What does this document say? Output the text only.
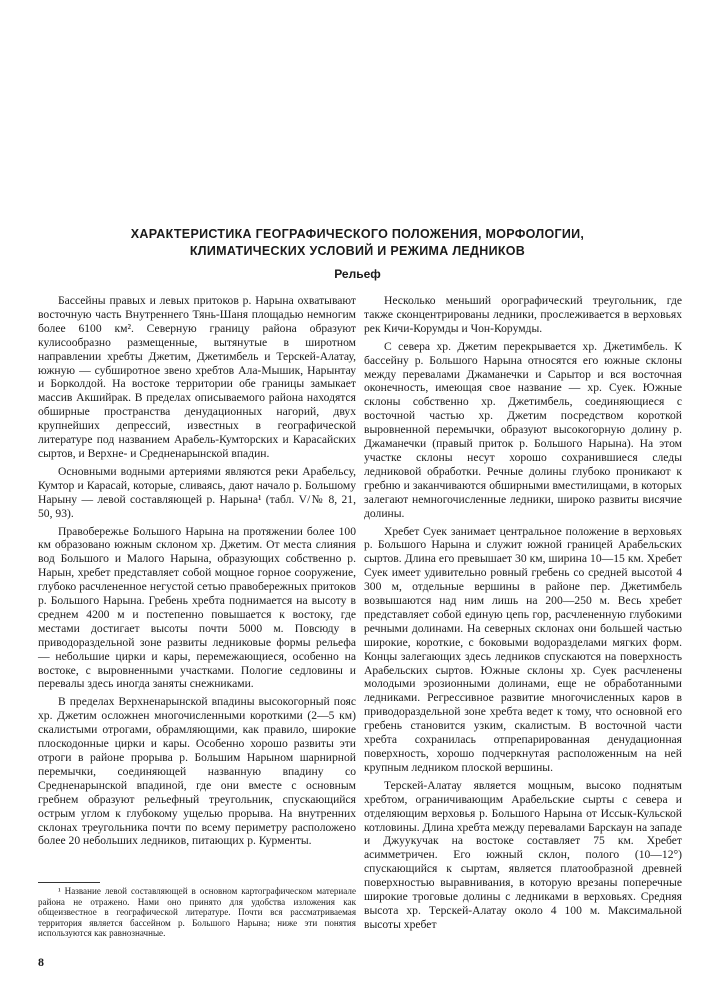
ХАРАКТЕРИСТИКА ГЕОГРАФИЧЕСКОГО ПОЛОЖЕНИЯ, МОРФОЛОГИИ,
КЛИМАТИЧЕСКИХ УСЛОВИЙ И РЕЖИМА ЛЕДНИКОВ
Рельеф

Бассейны правых и левых притоков р. Нарына охватывают восточную часть Внутреннего Тянь-Шаня площадью немногим более 6100 км². Северную границу района образуют кулисообразно размещенные, вытянутые в широтном направлении хребты Джетим, Джетимбель и Терскей-Алатау, южную — субширотное звено хребтов Ала-Мышик, Нарынтау и Борколдой. На востоке территории обе границы замыкает массив Акшийрак. В пределах описываемого района находятся обширные пространства денудационных нагорий, двух крупнейших депрессий, известных в географической литературе под названием Арабель-Кумторских и Карасайских сыртов, и Верхне- и Средненарынской впадин.

Основными водными артериями являются реки Арабельсу, Кумтор и Карасай, которые, сливаясь, дают начало р. Большому Нарыну — левой составляющей р. Нарына¹ (табл. V/№ 8, 21, 50, 93).

Правобережье Большого Нарына на протяжении более 100 км образовано южным склоном хр. Джетим. От места слияния вод Большого и Малого Нарына, образующих собственно р. Нарын, хребет представляет собой мощное горное сооружение, глубоко расчлененное негустой сетью правобережных притоков р. Большого Нарына. Гребень хребта поднимается на высоту в среднем 4200 м и постепенно повышается к востоку, где местами достигает высоты почти 5000 м. Повсюду в приводораздельной зоне развиты ледниковые формы рельефа — небольшие цирки и кары, перемежающиеся, особенно на востоке, с выровненными участками. Пологие седловины и перевалы здесь иногда заняты снежниками.

В пределах Верхненарынской впадины высокогорный пояс хр. Джетим осложнен многочисленными короткими (2—5 км) скалистыми отрогами, обрамляющими, как правило, широкие плоскодонные цирки и кары. Особенно хорошо развиты эти отроги в районе прорыва р. Большим Нарыном шарнирной перемычки, соединяющей названную впадину со Средненарынской впадиной, где они вместе с основным гребнем образуют рельефный треугольник, спускающийся острым углом к глубокому ущелью прорыва. На внутренних склонах треугольника почти по всему периметру расположено более 20 небольших ледников, питающих р. Курменты.

Несколько меньший орографический треугольник, где также сконцентрированы ледники, прослеживается в верховьях рек Кичи-Корумды и Чон-Корумды.

С севера хр. Джетим перекрывается хр. Джетимбель. К бассейну р. Большого Нарына относятся его южные склоны между перевалами Джаманечки и Сарытор и вся восточная оконечность, имеющая свое название — хр. Суек. Южные склоны собственно хр. Джетимбель, соединяющиеся с восточной частью хр. Джетим посредством короткой выровненной перемычки, образуют высокогорную долину р. Джаманечки (правый приток р. Большого Нарына). На этом участке склоны несут хорошо сохранившиеся следы ледниковой обработки. Речные долины глубоко проникают к гребню и заканчиваются обширными вместилищами, в которых залегают немногочисленные ледники, широко развиты висячие долины.

Хребет Суек занимает центральное положение в верховьях р. Большого Нарына и служит южной границей Арабельских сыртов. Длина его превышает 30 км, ширина 10—15 км. Хребет Суек имеет удивительно ровный гребень со средней высотой 4 300 м, отдельные вершины в районе пер. Джетимбель возвышаются над ним лишь на 200—250 м. Весь хребет представляет собой единую цепь гор, расчлененную глубокими речными долинами. На северных склонах они большей частью широкие, короткие, с боковыми водоразделами мягких форм. Концы залегающих здесь ледников спускаются на поверхность Арабельских сыртов. Южные склоны хр. Суек расчленены молодыми эрозионными долинами, еще не обработанными ледниками. Регрессивное развитие многочисленных каров в приводораздельной зоне хребта ведет к тому, что основной его гребень становится узким, скалистым. В восточной части хребта сохранилась отпрепарированная денудационная поверхность, хорошо подчеркнутая расположенным на ней крупным ледником плоской вершины.

Терскей-Алатау является мощным, высоко поднятым хребтом, ограничивающим Арабельские сырты с севера и отделяющим верховья р. Большого Нарына от Иссык-Кульской котловины. Длина хребта между перевалами Барскаун на западе и Джуукучак на востоке составляет 75 км. Хребет асимметричен. Его южный склон, полого (10—12°) спускающийся к сыртам, является платообразной древней поверхностью выравнивания, в которую врезаны поперечные широкие троговые долины с ледниками в верховьях. Средняя высота хр. Терскей-Алатау около 4 100 м. Максимальной высоты хребет

¹ Название левой составляющей в основном картографическом материале района не отражено. Нами оно принято для удобства изложения как общеизвестное в географической литературе. Почти вся рассматриваемая территория является бассейном р. Большого Нарына; ниже эти понятия используются как равнозначные.
8
